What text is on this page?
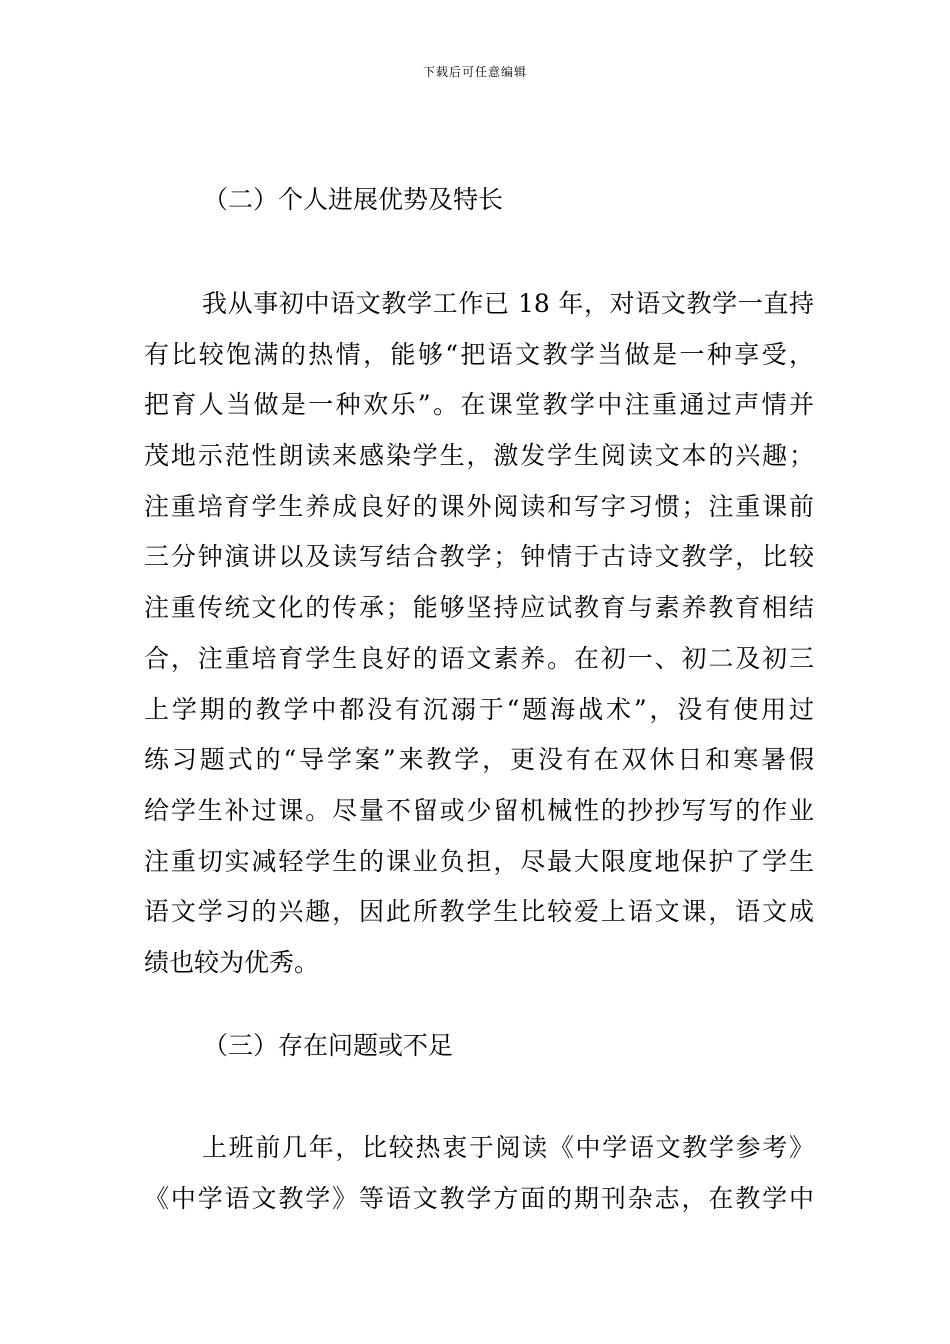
下载后可任意编辑
（二）个人进展优势及特长
我从事初中语文教学工作已 18 年，对语文教学一直持
有比较饱满的热情，能够“把语文教学当做是一种享受，
把育人当做是一种欢乐”。在课堂教学中注重通过声情并
茂地示范性朗读来感染学生，激发学生阅读文本的兴趣；
注重培育学生养成良好的课外阅读和写字习惯；注重课前
三分钟演讲以及读写结合教学；钟情于古诗文教学，比较
注重传统文化的传承；能够坚持应试教育与素养教育相结
合，注重培育学生良好的语文素养。在初一、初二及初三
上学期的教学中都没有沉溺于“题海战术”，没有使用过
练习题式的“导学案”来教学，更没有在双休日和寒暑假
给学生补过课。尽量不留或少留机械性的抄抄写写的作业
注重切实减轻学生的课业负担，尽最大限度地保护了学生
语文学习的兴趣，因此所教学生比较爱上语文课，语文成
绩也较为优秀。
（三）存在问题或不足
上班前几年，比较热衷于阅读《中学语文教学参考》
《中学语文教学》等语文教学方面的期刊杂志，在教学中
